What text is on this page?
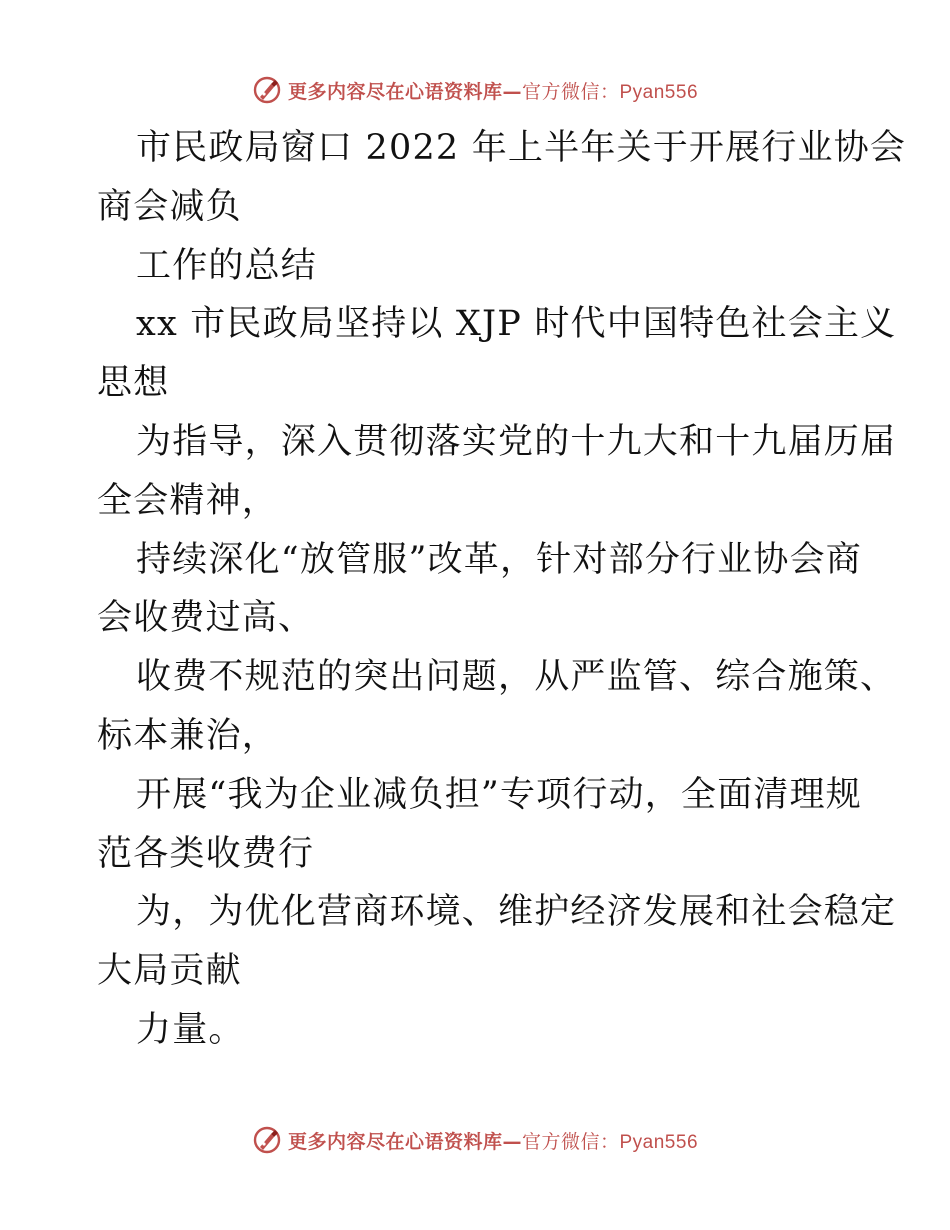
更多内容尽在心语资料库—官方微信：Pyan556
市民政局窗口 2022 年上半年关于开展行业协会
商会减负
工作的总结
xx 市民政局坚持以 XJP 时代中国特色社会主义
思想
为指导，深入贯彻落实党的十九大和十九届历届
全会精神，
持续深化“放管服”改革，针对部分行业协会商
会收费过高、
收费不规范的突出问题，从严监管、综合施策、
标本兼治，
开展“我为企业减负担”专项行动，全面清理规
范各类收费行
为，为优化营商环境、维护经济发展和社会稳定
大局贡献
力量。
更多内容尽在心语资料库—官方微信：Pyan556
